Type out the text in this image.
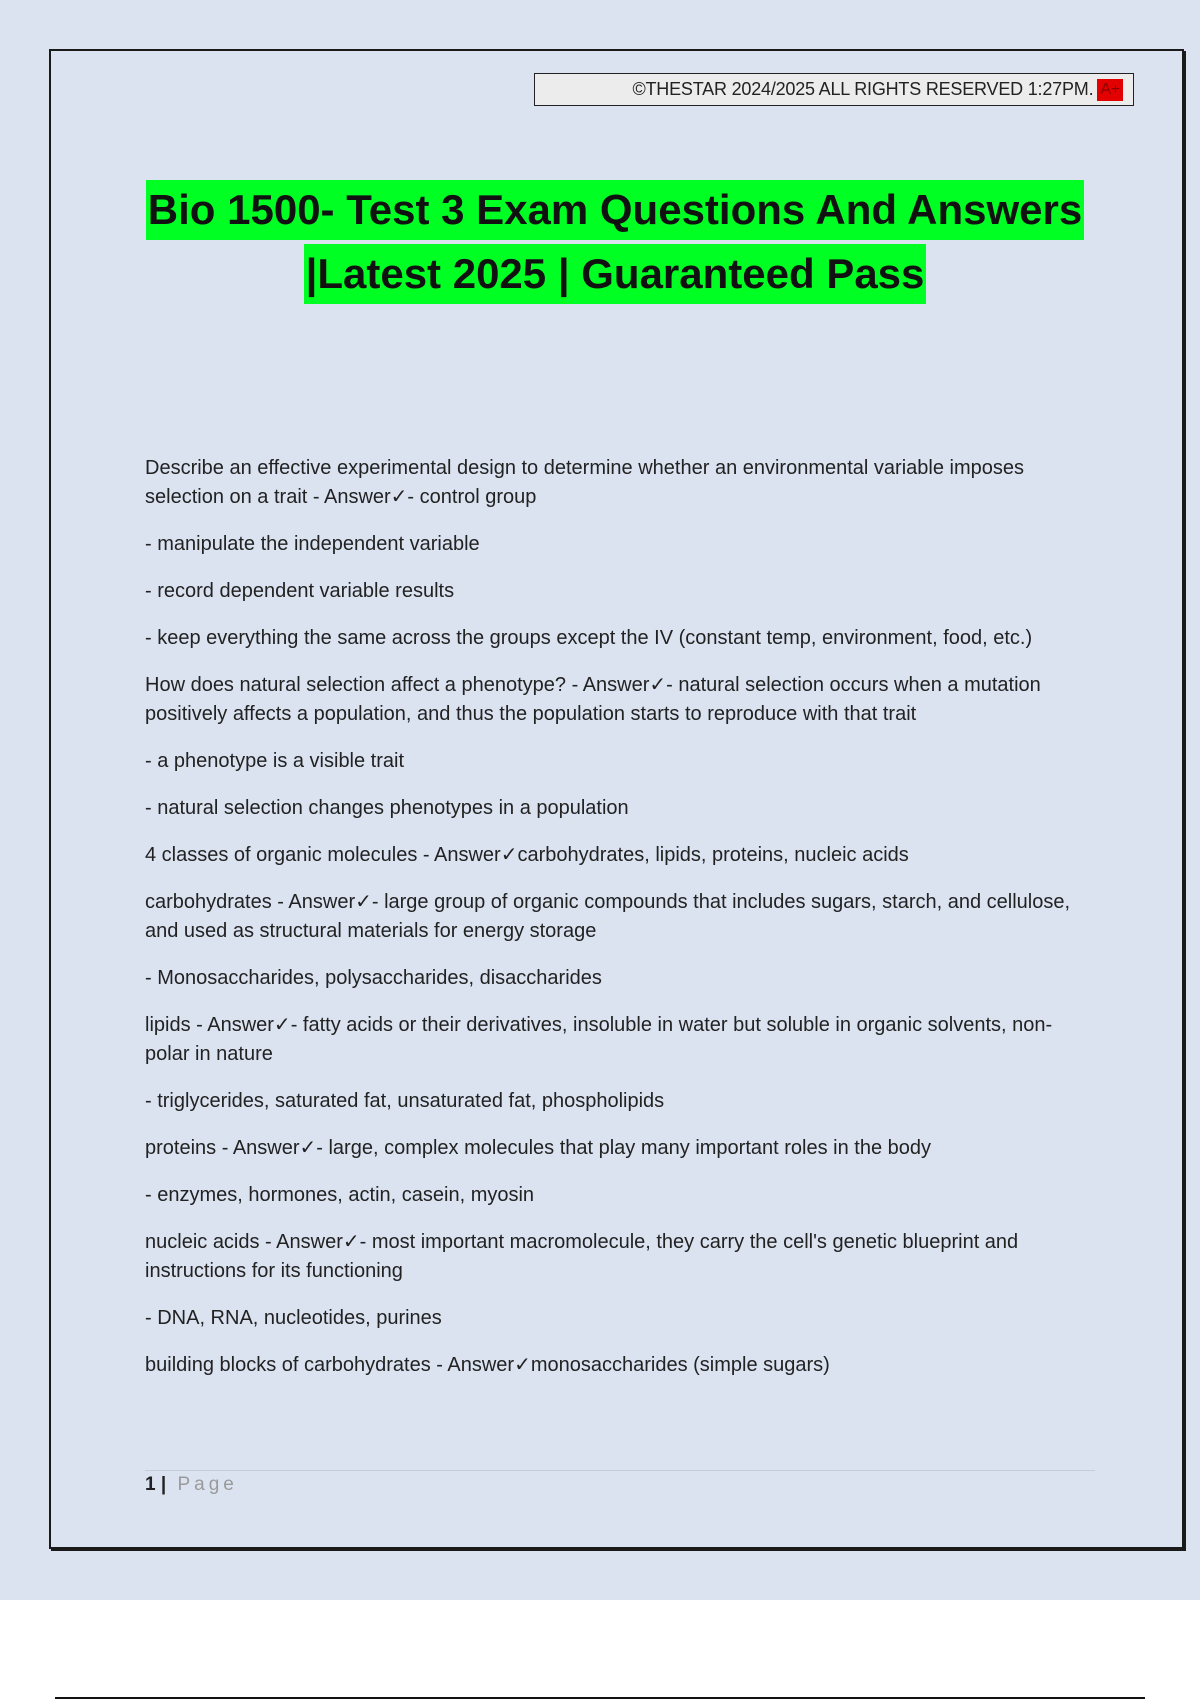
©THESTAR 2024/2025 ALL RIGHTS RESERVED 1:27PM. A+
Bio 1500- Test 3 Exam Questions And Answers
|Latest 2025 | Guaranteed Pass

Describe an effective experimental design to determine whether an environmental variable imposes selection on a trait - Answer✓- control group

- manipulate the independent variable

- record dependent variable results

- keep everything the same across the groups except the IV (constant temp, environment, food, etc.)

How does natural selection affect a phenotype? - Answer✓- natural selection occurs when a mutation positively affects a population, and thus the population starts to reproduce with that trait

- a phenotype is a visible trait

- natural selection changes phenotypes in a population

4 classes of organic molecules - Answer✓carbohydrates, lipids, proteins, nucleic acids

carbohydrates - Answer✓- large group of organic compounds that includes sugars, starch, and cellulose, and used as structural materials for energy storage

- Monosaccharides, polysaccharides, disaccharides

lipids - Answer✓- fatty acids or their derivatives, insoluble in water but soluble in organic solvents, non-polar in nature

- triglycerides, saturated fat, unsaturated fat, phospholipids

proteins - Answer✓- large, complex molecules that play many important roles in the body

- enzymes, hormones, actin, casein, myosin

nucleic acids - Answer✓- most important macromolecule, they carry the cell's genetic blueprint and instructions for its functioning

- DNA, RNA, nucleotides, purines

building blocks of carbohydrates - Answer✓monosaccharides (simple sugars)

1 | Page
